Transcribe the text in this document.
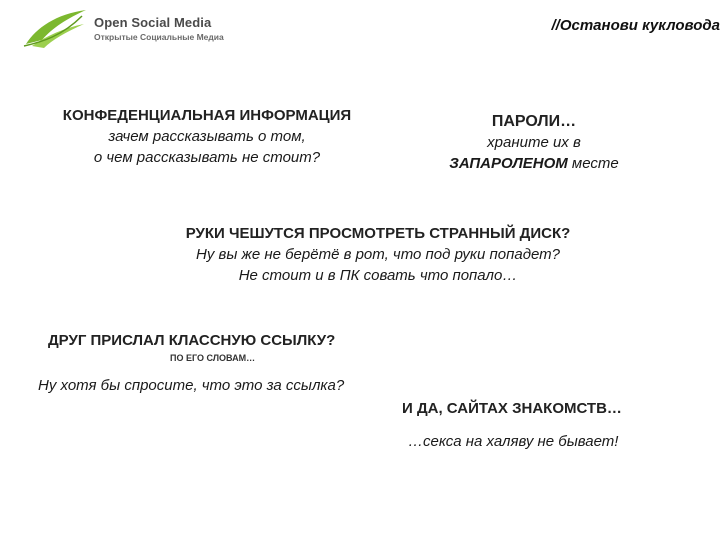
Open Social Media
Открытые Социальные Медиа
//Останови кукловода
КОНФЕДЕНЦИАЛЬНАЯ ИНФОРМАЦИЯ
зачем рассказывать о том,
о чем рассказывать не стоит?
ПАРОЛИ…
храните их в
ЗАПАРОЛЕНОМ месте
РУКИ ЧЕШУТСЯ ПРОСМОТРЕТЬ СТРАННЫЙ ДИСК?
Ну вы же не берётё в рот, что под руки попадет?
Не стоит и в ПК совать что попало…
ДРУГ ПРИСЛАЛ КЛАССНУЮ ССЫЛКУ?
ПО ЕГО СЛОВАМ…
Ну хотя бы спросите, что это за ссылка?
И ДА, САЙТАХ ЗНАКОМСТВ…
…секса на халяву не бывает!
